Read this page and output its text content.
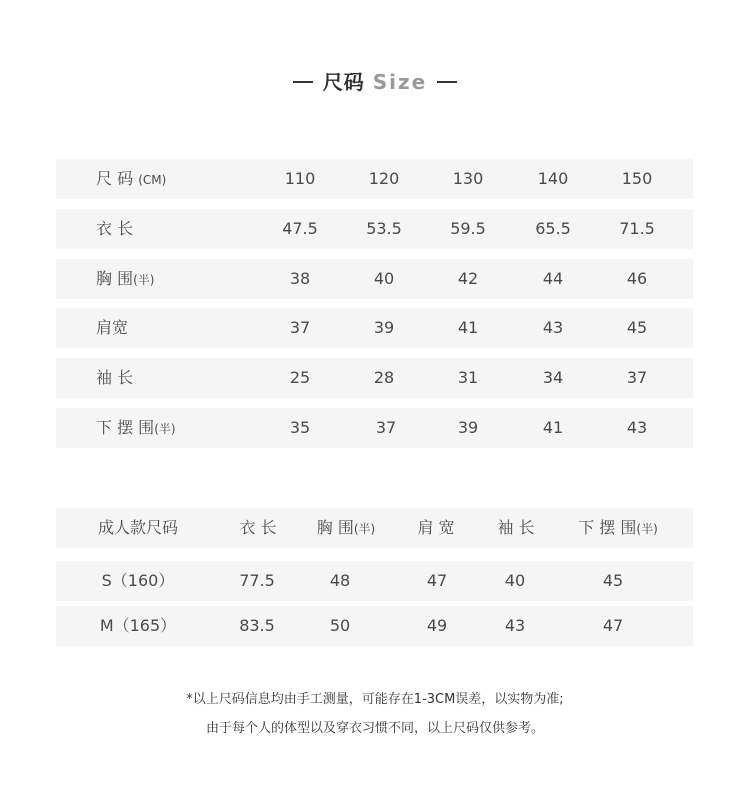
尺码 Size
尺 码 (CM)	110	120	130	140	150
衣 长	47.5	53.5	59.5	65.5	71.5
胸 围(半)	38	40	42	44	46
肩宽	37	39	41	43	45
袖 长	25	28	31	34	37
下 摆 围(半)	35	37	39	41	43
成人款尺码	衣 长	胸 围(半)	肩 宽	袖 长	下 摆 围(半)
S（160）	77.5	48	47	40	45
M（165）	83.5	50	49	43	47
*以上尺码信息均由手工测量，可能存在1-3CM误差，以实物为准;
由于每个人的体型以及穿衣习惯不同，以上尺码仅供参考。
